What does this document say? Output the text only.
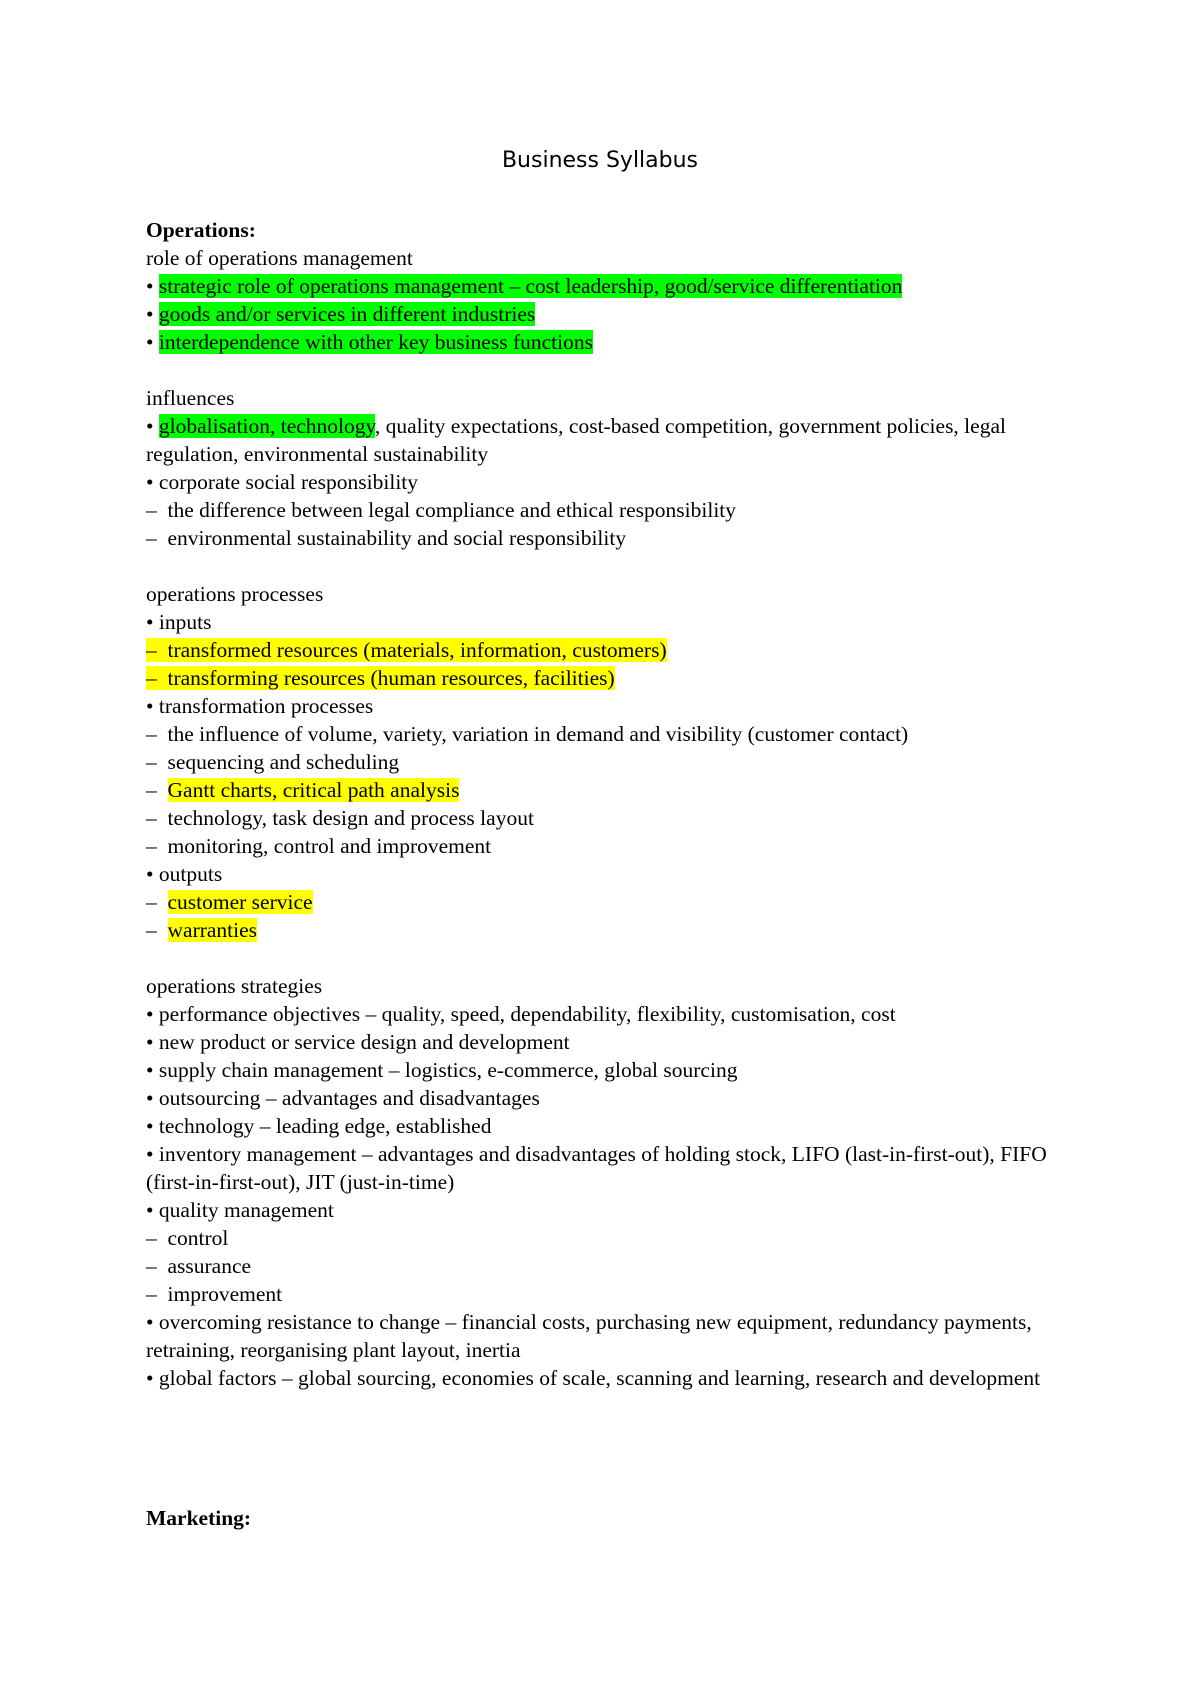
Business Syllabus
Operations:
role of operations management
• strategic role of operations management – cost leadership, good/service differentiation
• goods and/or services in different industries
• interdependence with other key business functions
influences
• globalisation, technology, quality expectations, cost-based competition, government policies, legal regulation, environmental sustainability
• corporate social responsibility
–  the difference between legal compliance and ethical responsibility
–  environmental sustainability and social responsibility
operations processes
• inputs
–  transformed resources (materials, information, customers)
–  transforming resources (human resources, facilities)
• transformation processes
–  the influence of volume, variety, variation in demand and visibility (customer contact)
–  sequencing and scheduling
–  Gantt charts, critical path analysis
–  technology, task design and process layout
–  monitoring, control and improvement
• outputs
–  customer service
–  warranties
operations strategies
• performance objectives – quality, speed, dependability, flexibility, customisation, cost
• new product or service design and development
• supply chain management – logistics, e-commerce, global sourcing
• outsourcing – advantages and disadvantages
• technology – leading edge, established
• inventory management – advantages and disadvantages of holding stock, LIFO (last-in-first-out), FIFO (first-in-first-out), JIT (just-in-time)
• quality management
–  control
–  assurance
–  improvement
• overcoming resistance to change – financial costs, purchasing new equipment, redundancy payments, retraining, reorganising plant layout, inertia
• global factors – global sourcing, economies of scale, scanning and learning, research and development
Marketing:
